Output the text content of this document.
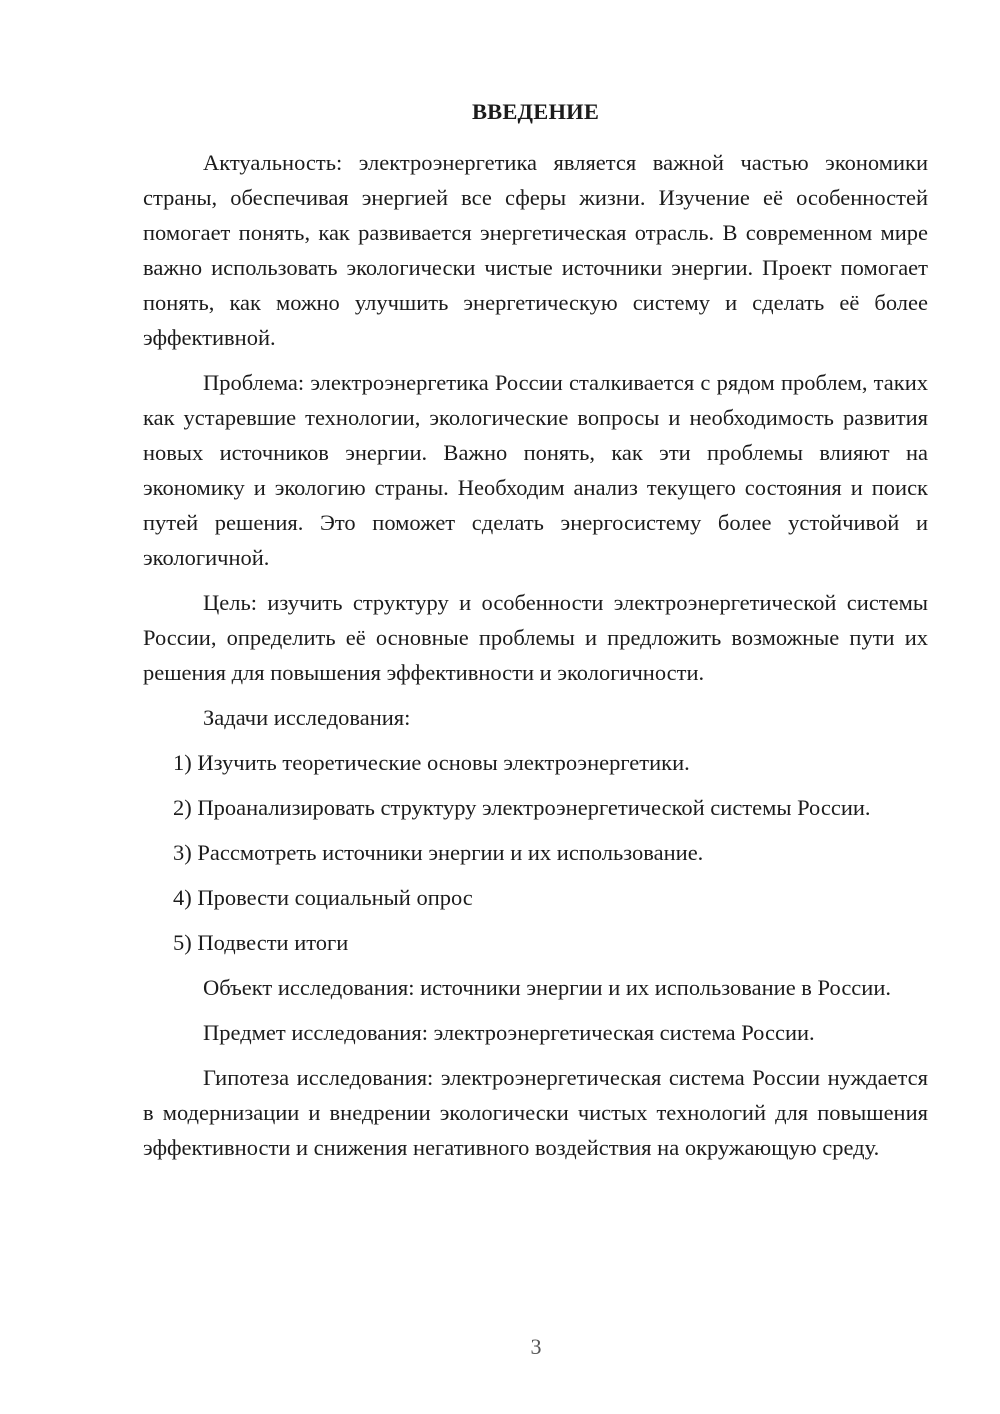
ВВЕДЕНИЕ

Актуальность: электроэнергетика является важной частью экономики страны, обеспечивая энергией все сферы жизни. Изучение её особенностей помогает понять, как развивается энергетическая отрасль. В современном мире важно использовать экологически чистые источники энергии. Проект помогает понять, как можно улучшить энергетическую систему и сделать её более эффективной.

Проблема: электроэнергетика России сталкивается с рядом проблем, таких как устаревшие технологии, экологические вопросы и необходимость развития новых источников энергии. Важно понять, как эти проблемы влияют на экономику и экологию страны. Необходим анализ текущего состояния и поиск путей решения. Это поможет сделать энергосистему более устойчивой и экологичной.

Цель: изучить структуру и особенности электроэнергетической системы России, определить её основные проблемы и предложить возможные пути их решения для повышения эффективности и экологичности.

Задачи исследования:

1) Изучить теоретические основы электроэнергетики.

2) Проанализировать структуру электроэнергетической системы России.

3) Рассмотреть источники энергии и их использование.

4) Провести социальный опрос

5) Подвести итоги

Объект исследования: источники энергии и их использование в России.

Предмет исследования: электроэнергетическая система России.

Гипотеза исследования: электроэнергетическая система России нуждается в модернизации и внедрении экологически чистых технологий для повышения эффективности и снижения негативного воздействия на окружающую среду.

3
